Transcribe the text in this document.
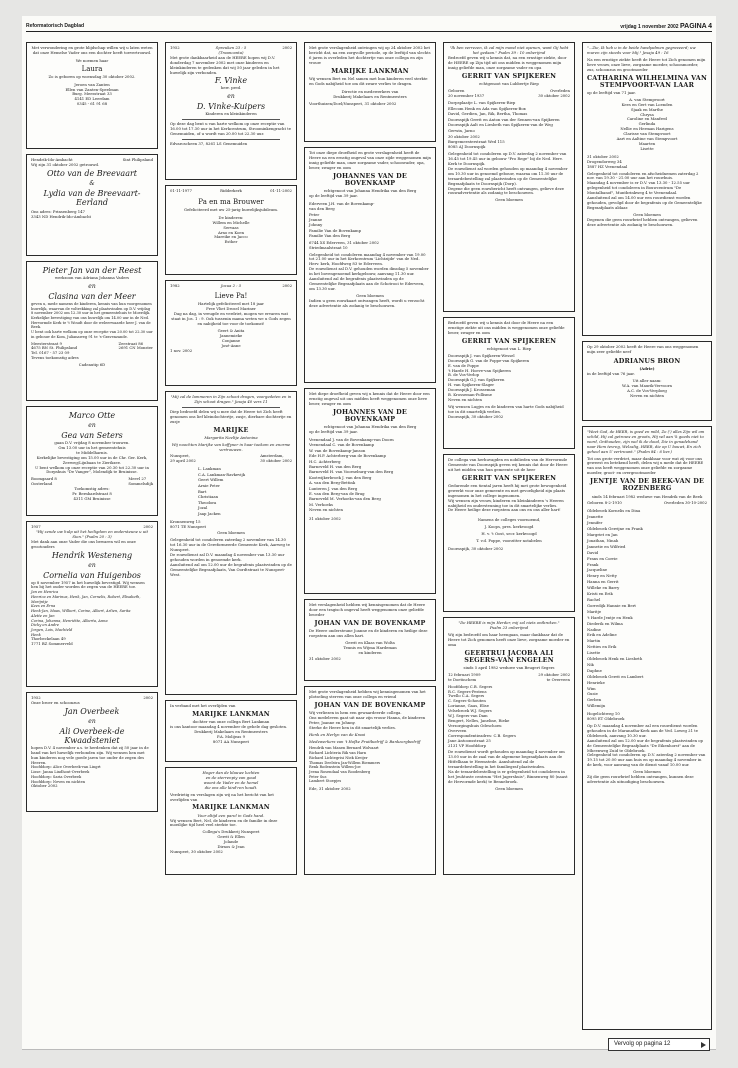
Reformatorisch Dagblad	vrijdag 1 november 2002 PAGINA 4
Met verwondering en grote blijdschap willen wij u laten weten dat onze Hemelse Vader ons een dochter heeft toevertrouwd.
We noemen haar
Laura
Zo is geboren op woensdag 30 oktober 2002.
Jeroen van Zanten
Ellen van Zanten-Speelman
Burg. Meesstraat 33
4141 ED Leerdam
0345 - 61 91 68
Hendrik-Ido-Ambacht	Sint Philipsland
Wij zijn 31 oktober 2002 getrouwd.
Otto van de Breevaart
&
Lydia van de Breevaart-Eerland
Ons adres: Prinsenberg 147
3343 ND Hendrik-Ido-Ambacht
Pieter Jan van der Reest
werkzoon van Adriana Johanna Vaders
en
Clasina van der Meer
geven u, mede namens de kinderen, kennis van hun voorgenomen huwelijk, waarvan de voltrekking zal plaatsvinden op D.V. vrijdag 8 november 2002 om 12.30 uur in het gemeentehuis te Moerdijk.
Kerkelijke bevestiging van ons huwelijk om 14.00 uur in de Ned. Hervormde Kerk te 't Woudt door de weleerwaarde heer J. van de Beek.
U bent ook harte welkom op onze receptie van 20.00 tot 22.30 uur in gebouw de Kom, Julianaweg 91 te 's-Gravenzande.
Meesterstraat 9
4675 BN St. Philipsland
Tel. 0167 - 57 23 09
Tevens toekomstig adres
Zeestraat 86
2691 CN Monster
Cadeautip 6D
Marco Otte
en
Gea van Seters
gaan D.V. vrijdag 8 november trouwen.
Om 13.00 uur in het gemeentehuis
te Middelharnis.
Kerkelijke bevestiging om 15.00 uur in de Chr. Ger. Kerk, Zeeweg/Lijnbaan te Zierikzee.
U bent welkom op onze receptie van 20.30 tot 22.30 uur in Dorpshuis "De Vanger", Molendijk te Bruinisse.
Boomgaard 8
Oosterland
Meevl 27
Sommelsdijk
Toekomstig adres:
Pr. Bernhardstraat 8
4311 GM Bruinisse
1957	2002
"Hij zende uw hulp uit het heiligdom en ondersteune u uit Sion." (Psalm 20 : 3)
Met dank aan onze Vader die ons bewaren wil en onze grootouders
Hendrik Westeneng
en
Cornelia van Huigenbos
op 8 november 1957 in het huwelijk bevestigd. Wij wensen hen bij het ouder worden de zegen van de HEERE toe.
Jan en Henrica
Henrica en Marinus, Henk, Jan, Cornelis, Robert, Elisabeth, Marijntje
Kees en Erna
Henk-Jan, Maas, Wilbert, Corine, Albert, Arlien, Sarita
Alette en Jan
Corina, Johanna, Henriëtte, Alberta, Anna
Dicky en Andre
Jorgen, Lois, Machteld
Henk
Thorbeckelaan 49
1771 BZ Sommerveld
1952	2002
Onze broer en schoonzus
Jan Overbeek
en
Ali Overbeek-de Kwaadsteniet
hopen D.V. 4 november a.s. te herdenken dat zij 50 jaar in de band van het huwelijk verbonden zijn. Wij wensen hen met hun kinderen nog vele goede jaren toe onder de zegen des Heeren.
Hoofddorp: Alice Overbeek-van Lingrt
Lisse: Janna Lindhout-Overbeek
Hoofddorp: Saria Overbeek
Hoofddorp: Neven en nichten
Oktober 2002
1952	Spreuken 23 : 5
(Traancanta)
2002
Met grote dankbaarheid aan de HEERE hopen wij D.V. donderdag 7 november 2002 met onze kinderen en kleinkinderen te gedenken dat wij 50 jaar geleden in het huwelijk zijn verbonden.
F. Vinke
herr. pred.
en
D. Vinke-Kuipers
Kinderen en kleinkinderen
Op deze dag bent u van harte welkom op onze receptie van 16.00 tot 17.30 uur in het Kerkcentrum, Stroominkengracht te Genemuiden, of u wordt van 20.00 tot 22.30 uur.
Edvaroscheen 37, 8261 LS Genemuiden
01-11-1977	Ridderkerk	01-11-2002
Pa en ma Brouwer
Gefeliciteerd met uw 25-jarig huwelijksjubileum.
De kinderen:
Willem en Michelle
Servaas
Arno en Koen
Mareike en Jacco
Esther
1982	Jozua 2 : 5	2002
Lieve Pa!
Hartelijk gefeliciteerd met 18 jaar
Free Vliet Drosel Mariner
Dag na dag, in vreugde en verdriet, mogen we ervaren wat staat in Jos. 1 : 9. Ook tussenin mama weten we u Gods zegen en nabijheid toe voor de toekomst!
Geert & Anita
Jannemieke
Conjanne
José-Anne
1 nov. 2002
"Mij zal de lammeren in Zijn schoot dragen, voorgedeten en in Zijn schoot dragen." Jesaja 40 vers 11
Diep bedroefd delen wij u mee dat de Heere tot Zich heeft genomen ons lief kleindochtertje, zusje, dierbare dochtertje en zusje
MARIJKE
Margarita Neeltje Antonina
Wij noochten Marijke van koffyner in haar toekom en enorme vertrouwen.
Nunspeet,
29 april 2002
Amsterdam,
30 oktober 2002
L. Lankman
C.A. Lankman-Ravkevijk
Geert Willem
Arnie Peter
Bart
Christiaan
Theodora
Jozal
Jaap Jacken
Kronnenweg 15
8071 TE Nunspeet
Geen bloemen
Gelegenheid tot condoleren zaterdag 2 november van 14.30 tot 16.30 uur in de Gereformeerde Gemeente Kerk, Aarweg te Nunspeet.
De rouwdienst zal D.V. maandag 4 november van 13.30 uur gehouden worden in genoemde kerk.
Aansluitend zal om 12.00 uur de begrafenis plaatsvinden op de Gemeentelijke Begraafplaats, Van Oordtstraat te Nunspeet-West.
In verband met het overlijden van
MARIJKE LANKMAN
dochter van onze collega Bert Lankman
is ons kantoor maandag 4 november de gehele dag gesloten.
Drukkerij Makelaars en Rentmeesters
P.A. Molijeas 9
8071 AA Nunspeet
Hoger dan de blauwe luchten
en de sterrenpiy van goud
woont de Vader en de hemel
die ons alle kind'ren houdt.
Verdrietig en verslagen zijn wij na het bericht van het overlijden van
MARIJKE LANKMAN
Voor altijd een parel in Gods hand.
Wij wensen Bert, Nel, de kinderen en de familie in deze moeilijke tijd heel veel sterkte toe.
Collega's Drukkerij Nunspeet
Gerrit & Ellen
Jolande
Dirnos & Jean
Nunspeet, 30 oktober 2002
Met grote verslagenheid ontvingen wij op 24 oktober 2002 het bericht dat, na een zorgvolle periode, op de leeftijd van slechts 6 jaren is overleden het dochtertje van onze collega en zijn vrouw
MARIJKE LANKMAN
Wij wensen Bert en Nel samen met hun kinderen veel sterkte en Gods nabijheid toe om dit zware verlies te dragen.
Directie en medewerkers van
Drukkerij Makelaars en Rentmeesters
Voorthuizen/Doel/Nunspeet, 31 oktober 2002
Tot onze diepe droefheid en grote verslagenheid heeft de Heere na een ernstig ongeval van onze zijde weggenomen mijn innig geliefde man, onze zorgzame vader, schoonvader, opa, broer, zwager en oom
JOHANNES VAN DE BOVENKAMP
echtgenoot van Johanna Hendrika van den Berg
op de leeftijd van 39 jaar.
Ederveen J.H. van de Bovenkamp-
van den Berg
Peter
Jeanne
Johnny
Familie Van de Bovenkamp
Familie Van den Berg
6744 XS Ederveen, 31 oktober 2002
Striedmaalstraat 10
Gelegenheid tot condoleren maandag 4 november van 19.00 tot 21.00 uur in het Kerkcentrum 'Lichtzijde' van de Ned. Herv. kerk, Hoofdweg 83 te Ederveen.
De rouwdienst zal D.V. gehouden worden dinsdag 5 november in het bovengenoemd kerkgebouw, aanvang 11.30 uur.
Aansluitend zal de begrafenis plaatsvinden op de Gemeentelijke Begraafplaats aan de Schotrooi te Ederveen, om 13.30 uur.
Geen bloemen
Indien u geen rouwkaart ontvangen heeft, wordt u verzocht deze advertentie als zodanig te beschouwen.
Met diepe droefheid geven wij u kennis dat de Heere door een ernstig ongeval uit ons midden heeft weggenomen onze lieve broer, zwager en oom
JOHANNES VAN DE BOVENKAMP
echtgenoot van Johanna Hendrika van den Berg
op de leeftijd van 39 jaar.
Veenendaal J. van de Bovenkamp-van Doorn
Veenendaal C. van de Bovenkamp
W. van de Bovenkamp-Janson
Ede H.P. Achterberg-van de Bovenkamp
H.C. Achterberg
Barneveld H. van den Berg
Barneveld H. van Voorneburg-van den Berg
Kootwijkerbroek J. van den Berg
A. van den Berg-Bettink
Lunteren J. van den Berg
E. van den Berg-van de Brug
Barneveld M. Verhoeks-van den Berg
M. Verhoeks
Neven en nichten
31 oktober 2002
Met verslagenheid hebben wij kennisgenomen dat de Heere door een tragisch ongeval heeft weggenomen onze geliefde broeder
JOHAN VAN DE BOVENKAMP
De Heere ondersteune Joanne en de kinderen en heilige deze roepstem aan ons allen hart.
Gerrit en Klaas van Wolta
Teunis en Wijma Hardeman
en kinderen
31 oktober 2002
Met grote verslagenheid hebben wij kennisgenomen van het plotseling sterven van onze collega en vriend
JOHAN VAN DE BOVENKAMP
Wij verliezen in hem een gewaardeerde collega.
Ons medeleven gaat uit naar zijn vrouw Hanna, de kinderen Peter, Joanne en Johnny.
Sterke de Heere hen in dit smartelijk verlies.
Henk en Herlyn van de Kraai
Medewerkers van 't Hofke Fruitbedrijf & Bankzorgbedrijf
Hendrik van Manen Bernard Wolvaart
Richard Lichteria Rik van Harn
Richard Lichtegrisi Niek Kreijer
Thomas Deelstra Jan-Willem Riemmers
Renk Rodenstein Willem-Joe
Jeena Rosendaal van Roodenberg
Peter Sus
Lambert Stoepjes
Ede, 31 oktober 2002
"Ik ben verrezen, ik zal mijn mond niet openen, want Gij hebt het gedaan." Psalm 39 : 10 onberijmd
Bedroefd geven wij u kennis dat, na een ernstige ziekte, door de HEERE op Zijn tijd uit ons midden is weggenomen mijn innig geliefde man, onze zorgzame vader en opa
GERRIT VAN SPIJKEREN
echtgenoot van Lubbertje Riep
Geboren
20 november 1937
Overleden
30 oktober 2002
Dorpsplaatje L. van Spijkeren-Riep
Ellecom Henk en Ada van Spijkeren-Box
David, Gerdien, Jan, Rik, Bertha, Thomas
Doornspijk Gerrit en Anton van der Sennen-van Spijkeren
Doornspijk Aalt en Liesbeth van Spijkeren-van de Weg
Gerwin, Jarno
30 oktober 2002
Burgemeesterstraat Wed 115
8085 AJ Doornspijk
Gelegenheid tot condoleren op D.V. zaterdag 2 november van 16.45 tot 19.45 uur in gebouw "Pro Rege" bij de Ned. Herv. Kerk te Doornspijk.
De rouwdienst zal worden gehouden op maandag 4 november om 10.30 uur in genoemd gebouw, waarna om 11.30 uur de teraardebestelling zal plaatsvinden op de Gemeentelijke Begraafplaats te Doornspijk (Dorp).
Degene die geen rouwbericht heeft ontvangen, gelieve deze rouwadvertentie als zodanig te beschouwen.
Geen bloemen
Bedroefd geven wij u kennis dat door de Heere na een ernstige ziekte uit ons midden is weggenomen onze geliefde broer, zwager en oom
GERRIT VAN SPIJKEREN
echtgenoot van L. Riep
Doornspijk J. van Spijkeren-Wessel
Doornspijk G. van de Poppe-van Spijkeren
E. van de Poppe
't Harde H. Hoeve-van Spijkeren
B. de Vos-Verlop
Doornspijk G.J. van Spijkeren
H. van Spijkeren-Slager
Doornspijk J. Krosseman
B. Krosseman-Pollisme
Neven en nichten
Wij wensen Lugjes en de kinderen van harte Gods nabijheid toe in dit smartelijk verlies.
Doornspijk, 30 oktober 2002
De collega van herhuvagden en nobilieden van de Hervormde Gemeente van Doornspijk geven wij kennis dat door de Heere uit het midden van hun gemeente uit de heer
GERRIT VAN SPIJKEREN
Gedurende een tiental jaren heeft hij met grote bewogenheid gewerkt voor onze gemeente en met gevoeligheid zijn plaats ingenomen in het college ingenomen.
Wij wensen zijn vrouw, kinderen en kleinkinderen 's Heeren nabijheid en ondersteuning toe in dit smartelijke verlies.
De Heere heilige deze roepstem aan ons en ons aller hart!
Namens de colleges voornoemd,
J. Koops, pres. kerkvoogd
H. v. 't Oost, secr. kerkvoogd
T. v.d. Poppe, voorzitter notabelen
Doornspijk, 30 oktober 2002
"De HEERE is mijn Herder, mij zal niets ontbreken."
Psalm 23 onberijmd
Wij zijn bedroefd om haar heengaan, maar dankbaar dat de Heere tot Zich genomen heeft onze lieve, zorgzame moeder en oma
GEERTRUI JACOBA ALI SEGERS-VAN ENGELEN
sinds 5 april 1982 weduwe van Beugert Segers
12 februari 1909
te Doetinchem
29 oktober 2002
te Overveen
Hoofddorp C.B. Segers
R.C. Segers-Pestens
Twello C.A. Segers
C. Segers-Schouten
Lorianne, Gaas, Elise
Velsebroek W.J. Segers
W.J. Segers-van Dam
Bengert, Nelles, Janeline, Rieke
Verzorgingshuis Odeschoeu
Overveen
Correspondentieadres: C.B. Segers
Jane Antoonsstraat 25
2131 VP Hoofddorp
De rouwdienst wordt gehouden op maandag 4 november om 13.00 uur in de zaal van de algemene begraafplaats aan de Hitfelliaan te Heemstede. Aansluitend zal de teraardebestelling in het familiegraf plaatsvinden.
Na de teraardebestelling is er gelegenheid tot condoleren in het Jeuhtuste centrum "Het Jagershuis", Binnenweg 80 (naast de Hervormde kerk) te Bennebroek.
Geen bloemen
"...Zie, Ik heb u in de beide handpalmen gegraveerd; uw muren zijn steeds voor Mij." Jesaja 49 : 16
Na een ernstige ziekte heeft de Heere tot Zich genomen mijn lieve vrouw, onze lieve, zorgzame moeder, schoonmoeder, zus, schoonzus en grootmoeder
CATHARINA WILHELMINA VAN STEMPVOORT-VAN LAAR
op de leeftijd van 71 jaar.
A. van Stempvoort
Kees en Gert van Loenden
Sjaak en Marthe
Chrysa
Caroline en Manfred
Gerlinda
Nellie en Herman Harigens
Clarisse van Stempvoort
Aart en Aaltine van Stempvoort
Maarten
Lisette
31 oktober 2002
Drogendorweg 34
1887 HZ Veenendaal
Gelegenheid tot condoleren en afscheidnemen zaterdag 2 nov. van 19.30 - 21.00 uur aan het rouwhuis.
Maandag 4 november is er D.V. van 13.30 - 12.55 uur gelegenheid tot condoleren in Bouwcentrum "De Montalbanof", Muntbrinkweg 4 te Veenendaal.
Aansluitend zal om 14.00 uur een rouwdienst worden gehouden, gevolgd door de begrafenis op de Gemeentelijke Begraafplaats aldaar.
Geen bloemen
Degenen die geen rouwbrief hebben ontvangen, gelieven deze advertentie als zodanig te beschouwen.
Op 29 oktober 2002 heeft de Heere van ons weggenomen mijn zeer geliefde neef
ADRIANUS BRON
(Adrie)
in de leeftijd van 76 jaar.
Uit aller naam:
W.A. van Maurik-Vervoorn
A.C. de Vos-Verploeg
Neven en nichten
"Weet God, de HEER, is goed en mild, Zo (') alles Zijn wil om schild, Hij zal getrouw en groots, Hij wil aan 'k goeds niet to word, Onthouden, zijn wel ik de dood, Die in genadehand naar Hem tevreg, Welzalig, HEER, die op U bouwt, En zich geheel aan U vertrouwt." (Psalm 84 : 6 ber.)
Tot ons grote verdriet, maar dankbaar voor wat zij voor ons geweest en betekend heeft, delen wij u mede dat de HEERE van ons heeft weggenomen onze geliefde en zorgzame moeder, groot- en overgrootmoeder
JENTJE VAN DE BEEK-VAN DE ROZENBERG
sinds 14 februari 1982 weduwe van Hendrik van de Beek
Geboren 8-2-1910	Overleden 30-10-2002
Oldebroek Kornelis en Dina
Jeanette
Jennifer
Oldebroek Gerrijne en Frank
Margriet en Jan
Jonathan, Ninah
Jannetie en Wilfried
David
Frans en Corrie
Frank
Jacqueline
Henry en Netty
Hanna en Gerrit
Willeke en Barry
Kristi en Erik
Rachel
Gorredijk Hannie en Bert
Maritje
't Harde Jentje en Henk
Diederik en Wilma
Nadine
Erik en Adeline
Martin
Netties en Erik
Lisette
Oldebroek Henk en Liesbeth
Nik
Daphne
Oldebroek Gerrit en Lambert
Henrieke
Wim
Gusie
Gerben
Willemijn
Hogelichtweg 10
8095 ET Oldebroek
Op D.V. maandag 4 november zal een rouwdienst worden gehouden in de Maranatha-Kerk aan de Ved. Loweg 21 te Oldebroek, aanvang 10.30 uur.
Aansluitend zal om 12.00 uur de begrafenis plaatsvinden op de Gemeentelijke Begraafplaats "De Eikenhorst" aan de Mheenweg Zuid te Oldebroek.
Gelegenheid tot condoleren op D.V. zaterdag 2 november van 19.15 tot 20.00 uur aan huis en op maandag 4 november in de kerk, voor aanvang van de dienst vanaf 10.00 uur.
Geen bloemen
Zij die geen rouwbrief hebben ontvangen, kunnen deze advertentie als uitnodiging beschouwen.
Vervolg op pagina 12
